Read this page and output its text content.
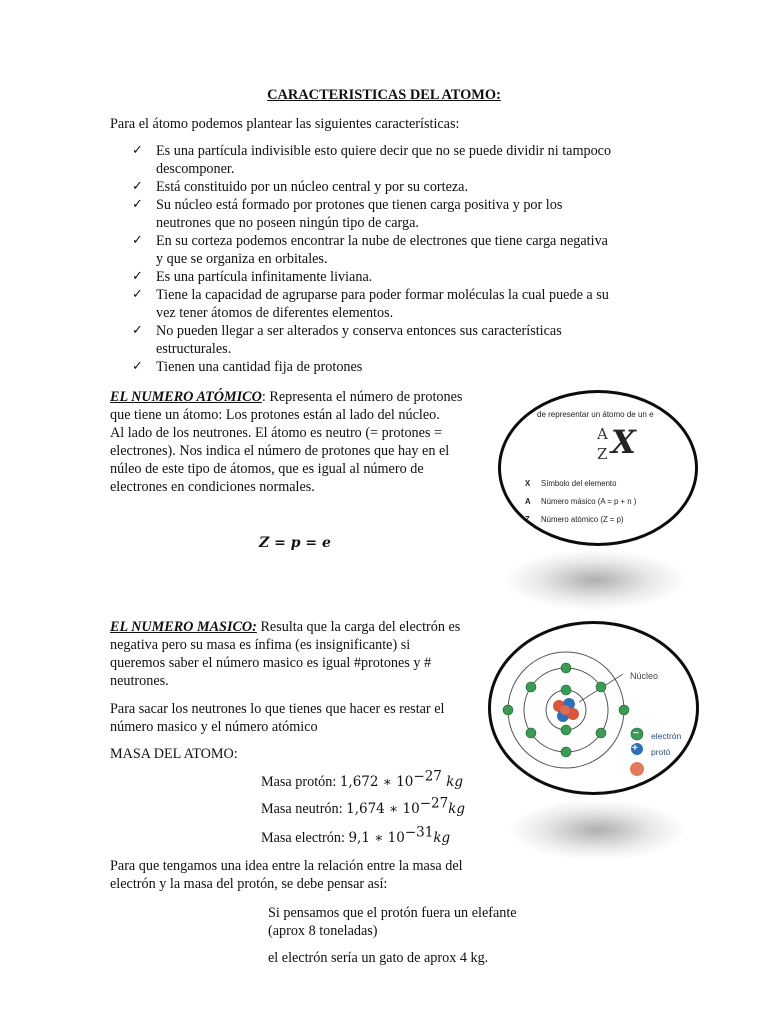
CARACTERISTICAS DEL ATOMO:
Para el átomo podemos plantear las siguientes características:
✓ Es una partícula indivisible esto quiere decir que no se puede dividir ni tampoco
descomponer.
✓ Está constituido por un núcleo central y por su corteza.
✓ Su núcleo está formado por protones que tienen carga positiva y por los
neutrones que no poseen ningún tipo de carga.
✓ En su corteza podemos encontrar la nube de electrones que tiene carga negativa
y que se organiza en orbitales.
✓ Es una partícula infinitamente liviana.
✓ Tiene la capacidad de agruparse para poder formar moléculas la cual puede a su
vez tener átomos de diferentes elementos.
✓ No pueden llegar a ser alterados y conserva entonces sus características
estructurales.
✓ Tienen una cantidad fija de protones
EL NUMERO ATÓMICO: Representa el número de protones
que tiene un átomo: Los protones están al lado del núcleo.
Al lado de los neutrones. El átomo es neutro (= protones =
electrones). Nos indica el número de protones que hay en el
núleo de este tipo de átomos, que es igual al número de
electrones en condiciones normales.
Z = p = e
de representar un átomo de un e
A
Z X
X Símbolo del elemento
A Número másico (A = p + n )
Z Número atómico (Z = p)
EL NUMERO MASICO: Resulta que la carga del electrón es
negativa pero su masa es ínfima (es insignificante) si
queremos saber el número masico es igual #protones y #
neutrones.
Para sacar los neutrones lo que tienes que hacer es restar el
número masico y el número atómico
MASA DEL ATOMO:
Masa protón: 1,672 ∗ $10^{-27}$ kg
Masa neutrón: 1,674 ∗ $10^{-27}kg$
Masa electrón: 9,1 ∗ $10^{-31}kg$
Núcleo
electrón
protó
−
+
Para que tengamos una idea entre la relación entre la masa del
electrón y la masa del protón, se debe pensar así:
Si pensamos que el protón fuera un elefante
(aprox 8 toneladas)
el electrón sería un gato de aprox 4 kg.
